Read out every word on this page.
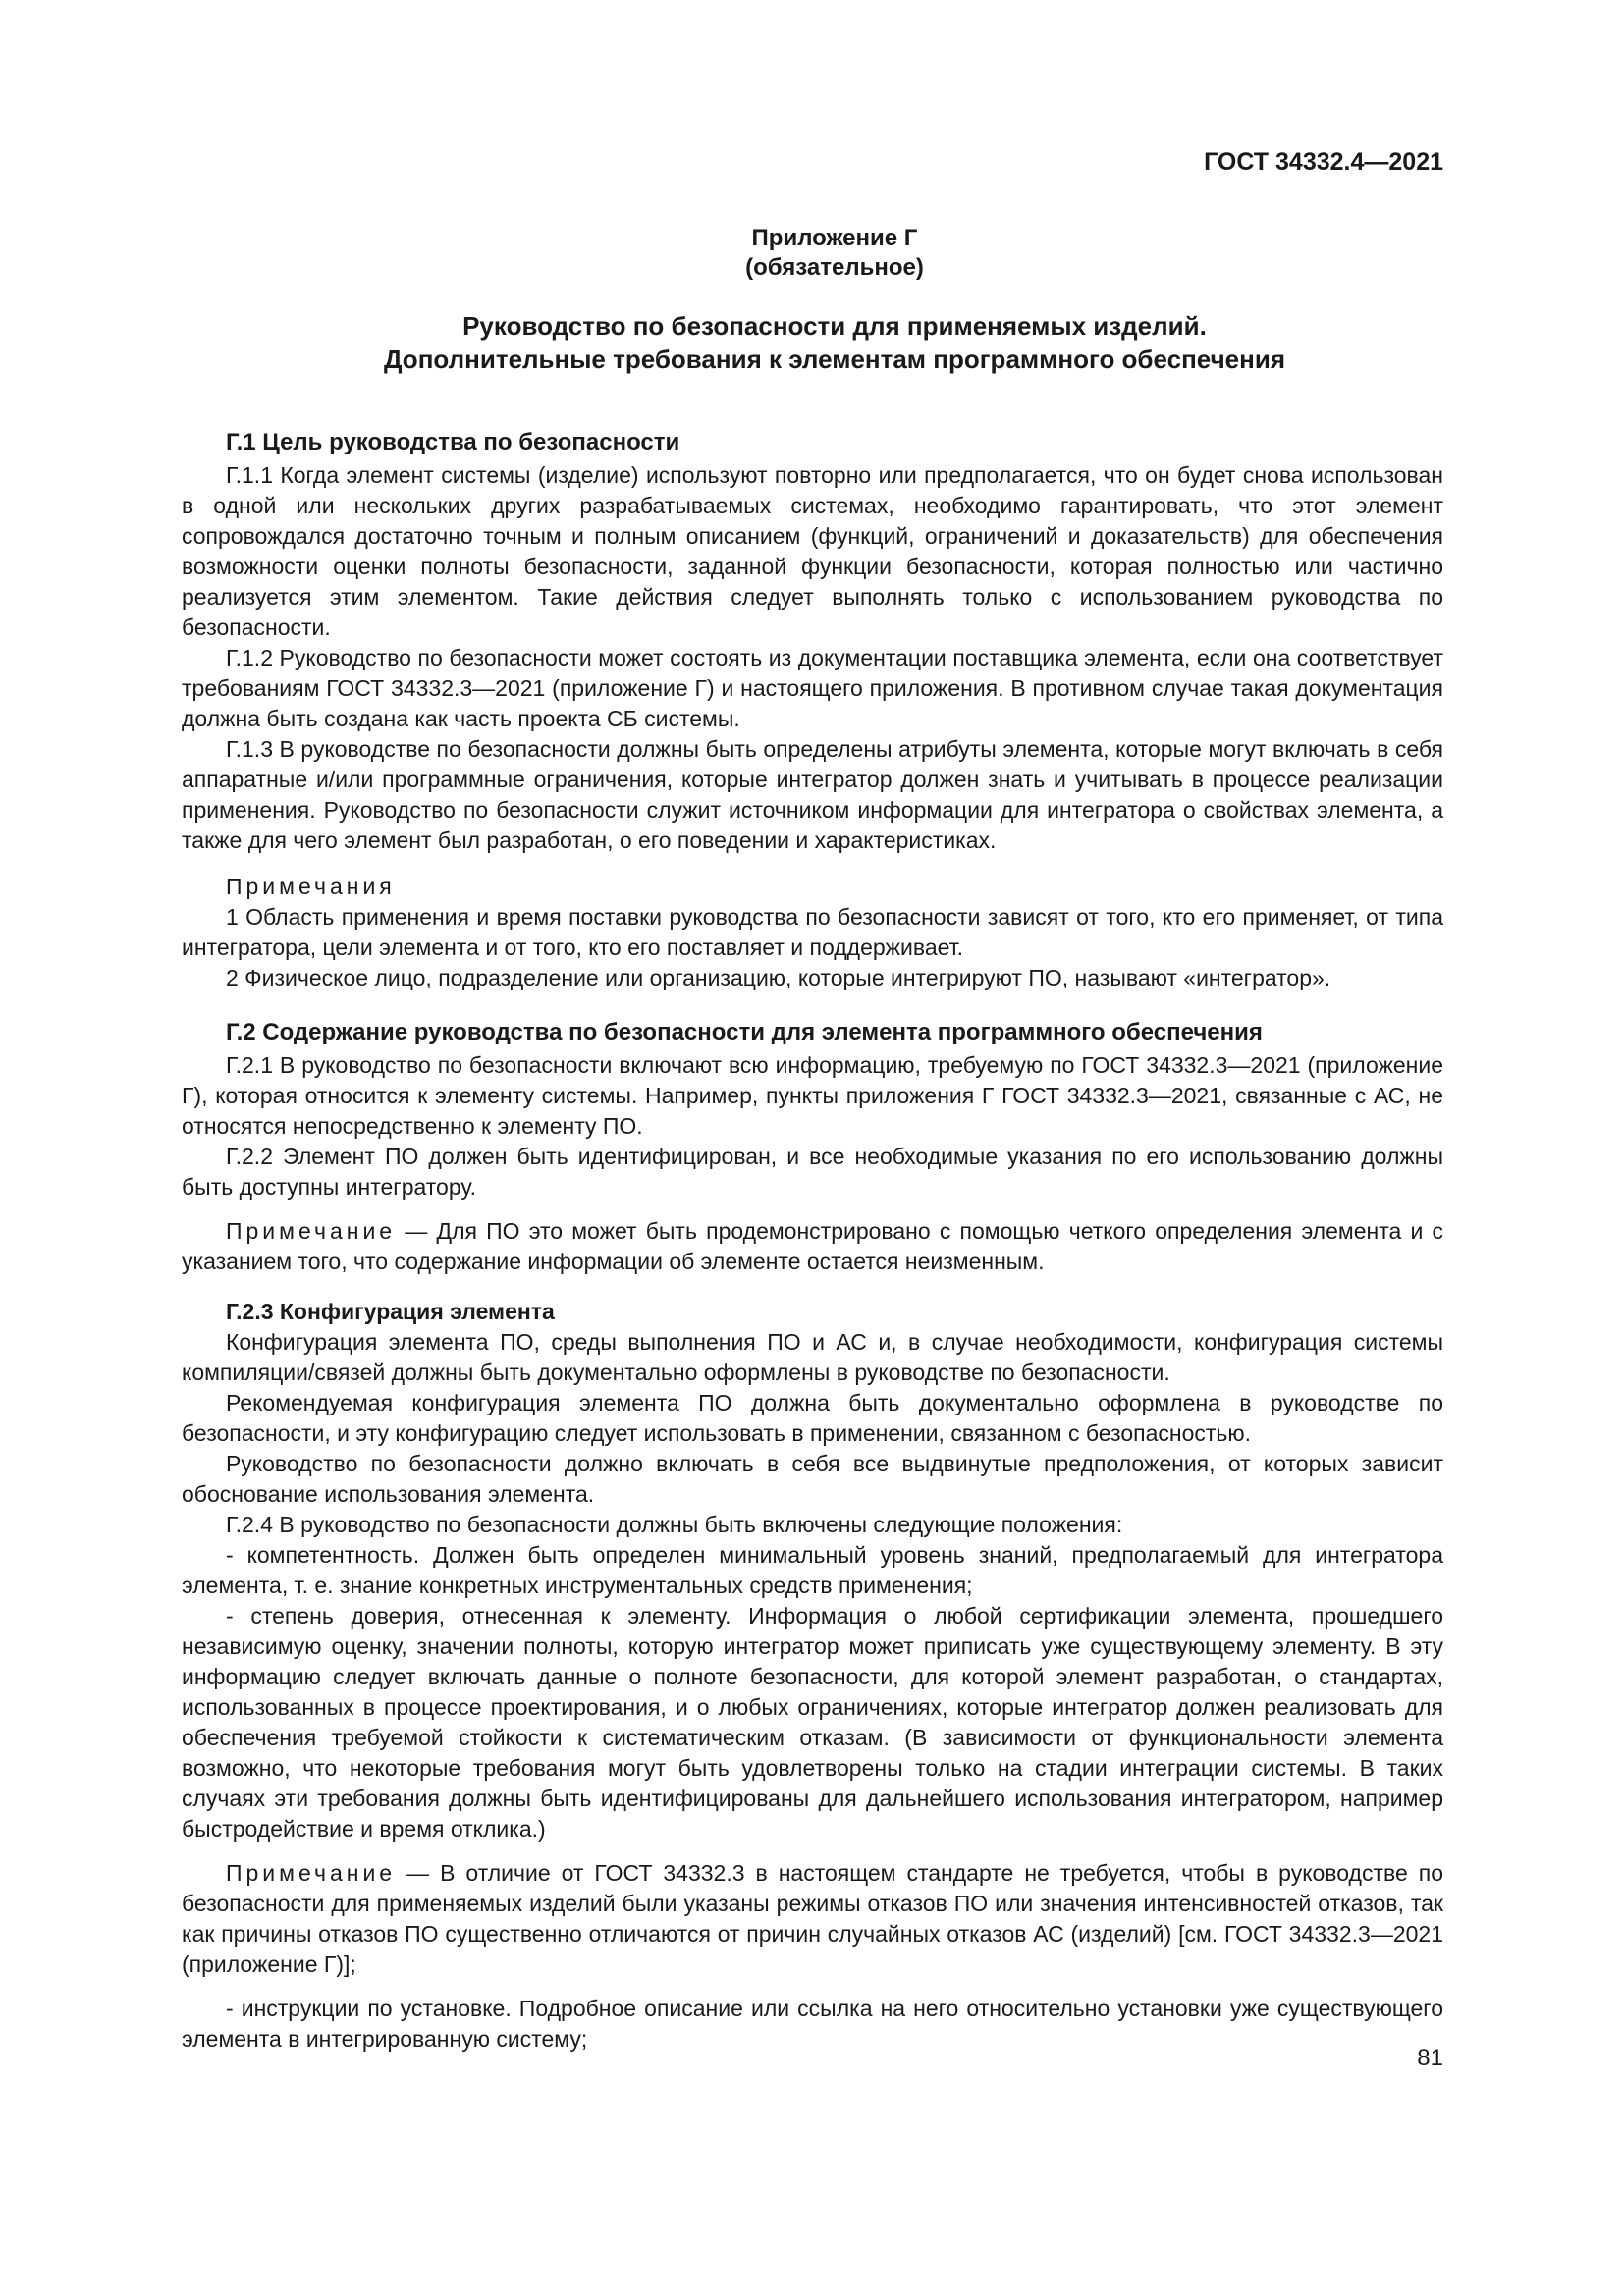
ГОСТ 34332.4—2021

Приложение Г

(обязательное)

Руководство по безопасности для применяемых изделий.

Дополнительные требования к элементам программного обеспечения

Г.1 Цель руководства по безопасности

Г.1.1 Когда элемент системы (изделие) используют повторно или предполагается, что он будет снова использован в одной или нескольких других разрабатываемых системах, необходимо гарантировать, что этот элемент сопровождался достаточно точным и полным описанием (функций, ограничений и доказательств) для обеспечения возможности оценки полноты безопасности, заданной функции безопасности, которая полностью или частично реализуется этим элементом. Такие действия следует выполнять только с использованием руководства по безопасности.

Г.1.2 Руководство по безопасности может состоять из документации поставщика элемента, если она соответствует требованиям ГОСТ 34332.3—2021 (приложение Г) и настоящего приложения. В противном случае такая документация должна быть создана как часть проекта СБ системы.

Г.1.3 В руководстве по безопасности должны быть определены атрибуты элемента, которые могут включать в себя аппаратные и/или программные ограничения, которые интегратор должен знать и учитывать в процессе реализации применения. Руководство по безопасности служит источником информации для интегратора о свойствах элемента, а также для чего элемент был разработан, о его поведении и характеристиках.

Примечания

1 Область применения и время поставки руководства по безопасности зависят от того, кто его применяет, от типа интегратора, цели элемента и от того, кто его поставляет и поддерживает.

2 Физическое лицо, подразделение или организацию, которые интегрируют ПО, называют «интегратор».

Г.2 Содержание руководства по безопасности для элемента программного обеспечения

Г.2.1 В руководство по безопасности включают всю информацию, требуемую по ГОСТ 34332.3—2021 (приложение Г), которая относится к элементу системы. Например, пункты приложения Г ГОСТ 34332.3—2021, связанные с АС, не относятся непосредственно к элементу ПО.

Г.2.2 Элемент ПО должен быть идентифицирован, и все необходимые указания по его использованию должны быть доступны интегратору.

Примечание — Для ПО это может быть продемонстрировано с помощью четкого определения элемента и с указанием того, что содержание информации об элементе остается неизменным.

Г.2.3 Конфигурация элемента

Конфигурация элемента ПО, среды выполнения ПО и АС и, в случае необходимости, конфигурация системы компиляции/связей должны быть документально оформлены в руководстве по безопасности.

Рекомендуемая конфигурация элемента ПО должна быть документально оформлена в руководстве по безопасности, и эту конфигурацию следует использовать в применении, связанном с безопасностью.

Руководство по безопасности должно включать в себя все выдвинутые предположения, от которых зависит обоснование использования элемента.

Г.2.4 В руководство по безопасности должны быть включены следующие положения:

- компетентность. Должен быть определен минимальный уровень знаний, предполагаемый для интегратора элемента, т. е. знание конкретных инструментальных средств применения;

- степень доверия, отнесенная к элементу. Информация о любой сертификации элемента, прошедшего независимую оценку, значении полноты, которую интегратор может приписать уже существующему элементу. В эту информацию следует включать данные о полноте безопасности, для которой элемент разработан, о стандартах, использованных в процессе проектирования, и о любых ограничениях, которые интегратор должен реализовать для обеспечения требуемой стойкости к систематическим отказам. (В зависимости от функциональности элемента возможно, что некоторые требования могут быть удовлетворены только на стадии интеграции системы. В таких случаях эти требования должны быть идентифицированы для дальнейшего использования интегратором, например быстродействие и время отклика.)

Примечание — В отличие от ГОСТ 34332.3 в настоящем стандарте не требуется, чтобы в руководстве по безопасности для применяемых изделий были указаны режимы отказов ПО или значения интенсивностей отказов, так как причины отказов ПО существенно отличаются от причин случайных отказов АС (изделий) [см. ГОСТ 34332.3—2021 (приложение Г)];

- инструкции по установке. Подробное описание или ссылка на него относительно установки уже существующего элемента в интегрированную систему;

81
